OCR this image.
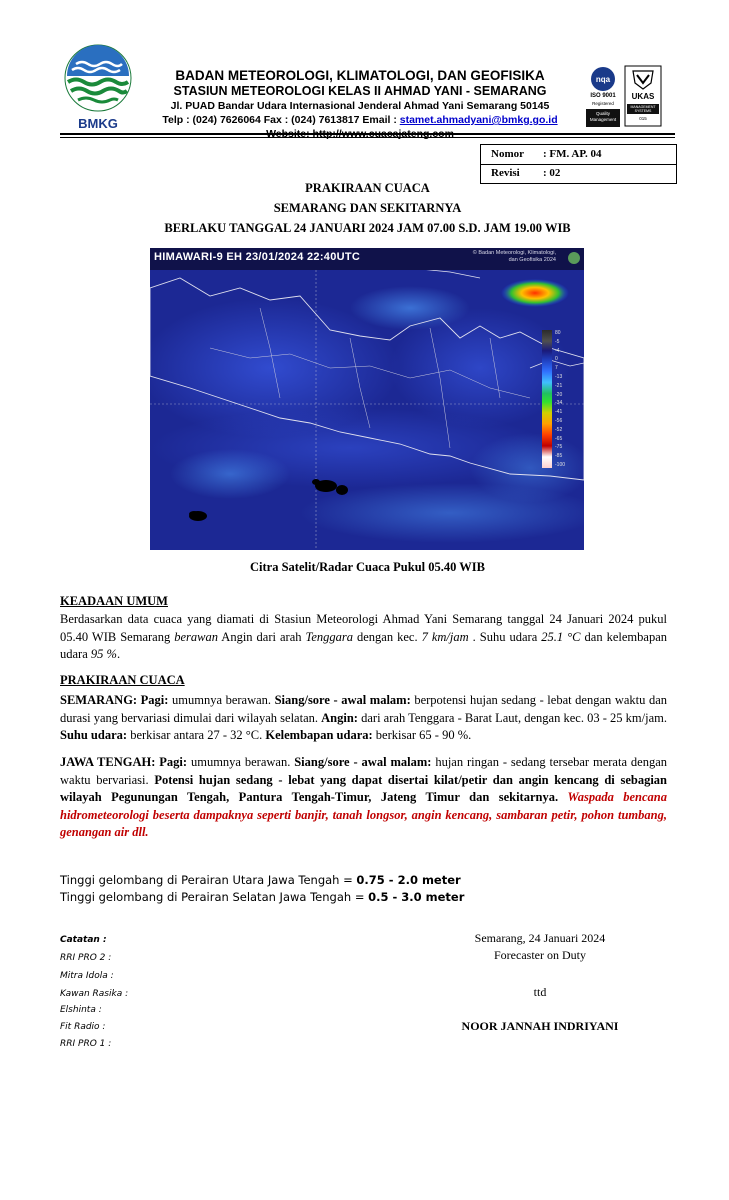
BMKG
BADAN METEOROLOGI, KLIMATOLOGI, DAN GEOFISIKA
STASIUN METEOROLOGI KELAS II AHMAD YANI - SEMARANG
Jl. PUAD Bandar Udara Internasional Jenderal Ahmad Yani Semarang 50145
Telp : (024) 7626064 Fax : (024) 7613817 Email : stamet.ahmadyani@bmkg.go.id
Website: http://www.cuacajateng.com
nqa
ISO 9001
Registered
Quality Management
UKAS
MANAGEMENT SYSTEMS
015
Nomor : FM. AP. 04
Revisi : 02
PRAKIRAAN CUACA
SEMARANG DAN SEKITARNYA
BERLAKU TANGGAL 24 JANUARI 2024 JAM 07.00 S.D. JAM 19.00 WIB
HIMAWARI-9 EH 23/01/2024 22:40UTC	© Badan Meteorologi, Klimatologi,
dan Geofisika 2024
80
-5
-4
0
7
-13
-21
-20
-34
-41
-56
-52
-65
-75
-85
-100
Citra Satelit/Radar Cuaca Pukul 05.40 WIB
KEADAAN UMUM
Berdasarkan data cuaca yang diamati di Stasiun Meteorologi Ahmad Yani Semarang tanggal 24 Januari 2024 pukul 05.40 WIB Semarang berawan Angin dari arah Tenggara dengan kec. 7 km/jam . Suhu udara 25.1 °C dan kelembapan udara 95 %.
PRAKIRAAN CUACA
SEMARANG: Pagi: umumnya berawan. Siang/sore - awal malam: berpotensi hujan sedang - lebat dengan waktu dan durasi yang bervariasi dimulai dari wilayah selatan. Angin: dari arah Tenggara - Barat Laut, dengan kec. 03 - 25 km/jam. Suhu udara: berkisar antara 27 - 32 °C. Kelembapan udara: berkisar 65 - 90 %.
JAWA TENGAH: Pagi: umumnya berawan. Siang/sore - awal malam: hujan ringan - sedang tersebar merata dengan waktu bervariasi. Potensi hujan sedang - lebat yang dapat disertai kilat/petir dan angin kencang di sebagian wilayah Pegunungan Tengah, Pantura Tengah-Timur, Jateng Timur dan sekitarnya. Waspada bencana hidrometeorologi beserta dampaknya seperti banjir, tanah longsor, angin kencang, sambaran petir, pohon tumbang, genangan air dll.
Tinggi gelombang di Perairan Utara Jawa Tengah = 0.75 - 2.0 meter
Tinggi gelombang di Perairan Selatan Jawa Tengah = 0.5 - 3.0 meter
Catatan :
RRI PRO 2 :
Mitra Idola :
Kawan Rasika :
Elshinta :
Fit Radio :
RRI PRO 1 :
Semarang, 24 Januari 2024
Forecaster on Duty
ttd
NOOR JANNAH INDRIYANI
